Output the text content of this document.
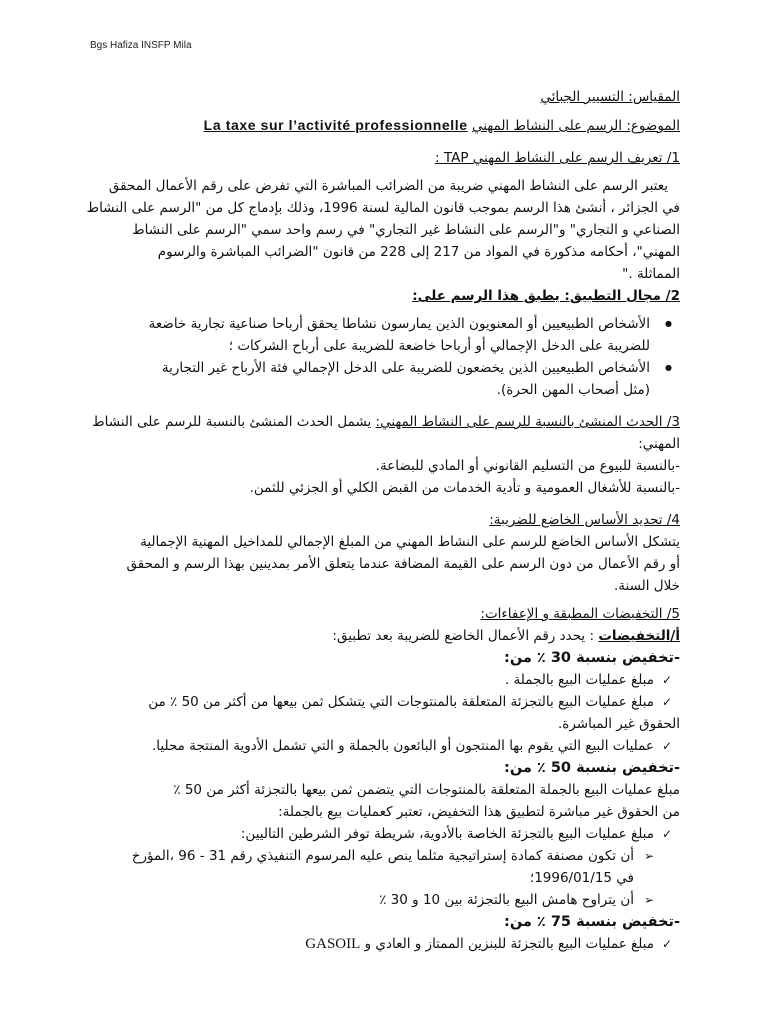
Bgs Hafiza INSFP Mila
المقياس: التسيير الجبائي
الموضوع: الرسم على النشاط المهني La taxe sur l’activité professionnelle
1/ تعريف الرسم على النشاط المهني TAP :
يعتبر الرسم على النشاط المهني ضريبة من الضرائب المباشرة التي تفرض على رقم الأعمال المحقق
في الجزائر ، أنشئ هذا الرسم بموجب قانون المالية لسنة 1996، وذلك بإدماج كل من "الرسم على النشاط
الصناعي و التجاري" و"الرسم على النشاط غير التجاري" في رسم واحد سمي "الرسم على النشاط
المهني"، أحكامه مذكورة في المواد من 217 إلى 228 من قانون "الضرائب المباشرة والرسوم
المماثلة ."
2/ مجال التطبيق: يطبق هذا الرسم على:
● الأشخاص الطبيعيين أو المعنويون الذين يمارسون نشاطا يحقق أرباحا صناعية تجارية خاضعة
للضريبة على الدخل الإجمالي أو أرباحا خاضعة للضريبة على أرباح الشركات ؛
● الأشخاص الطبيعيين الذين يخضعون للضريبة على الدخل الإجمالي فئة الأرباح غير التجارية
(مثل أصحاب المهن الحرة).
3/ الحدث المنشئ بالنسبة للرسم على النشاط المهني: يشمل الحدث المنشئ بالنسبة للرسم على النشاط
المهني:
-بالنسبة للبيوع من التسليم القانوني أو المادي للبضاعة.
-بالنسبة للأشغال العمومية و تأدية الخدمات من القبض الكلي أو الجزئي للثمن.
4/ تحديد الأساس الخاضع للضريبة:
يتشكل الأساس الخاضع للرسم على النشاط المهني من المبلغ الإجمالي للمداخيل المهنية الإجمالية
أو رقم الأعمال من دون الرسم على القيمة المضافة عندما يتعلق الأمر بمدينين بهذا الرسم و المحقق
خلال السنة.
5/ التخفيضات المطبقة و الإعفاءات:
أ/التخفيضات : يحدد رقم الأعمال الخاضع للضريبة بعد تطبيق:
-تخفيض بنسبة 30 ٪ من:
✓ مبلغ عمليات البيع بالجملة .
✓ مبلغ عمليات البيع بالتجزئة المتعلقة بالمنتوجات التي يتشكل ثمن بيعها من أكثر من 50 ٪ من
الحقوق غير المباشرة.
✓ عمليات البيع التي يقوم بها المنتجون أو البائعون بالجملة و التي تشمل الأدوية المنتجة محليا.
-تخفيض بنسبة 50 ٪ من:
مبلغ عمليات البيع بالجملة المتعلقة بالمنتوجات التي يتضمن ثمن بيعها بالتجزئة أكثر من 50 ٪
من الحقوق غير مباشرة لتطبيق هذا التخفيض، تعتبر كعمليات بيع بالجملة:
✓ مبلغ عمليات البيع بالتجزئة الخاصة بالأدوية، شريطة توفر الشرطين التاليين:
➢ أن تكون مصنفة كمادة إستراتيجية مثلما ينص عليه المرسوم التنفيذي رقم 31 - 96 ،المؤرخ
في 1996/01/15؛
➢ أن يتراوح هامش البيع بالتجزئة بين 10 و 30 ٪
-تخفيض بنسبة 75 ٪ من:
✓ مبلغ عمليات البيع بالتجزئة للبنزين الممتاز و العادي و GASOIL
